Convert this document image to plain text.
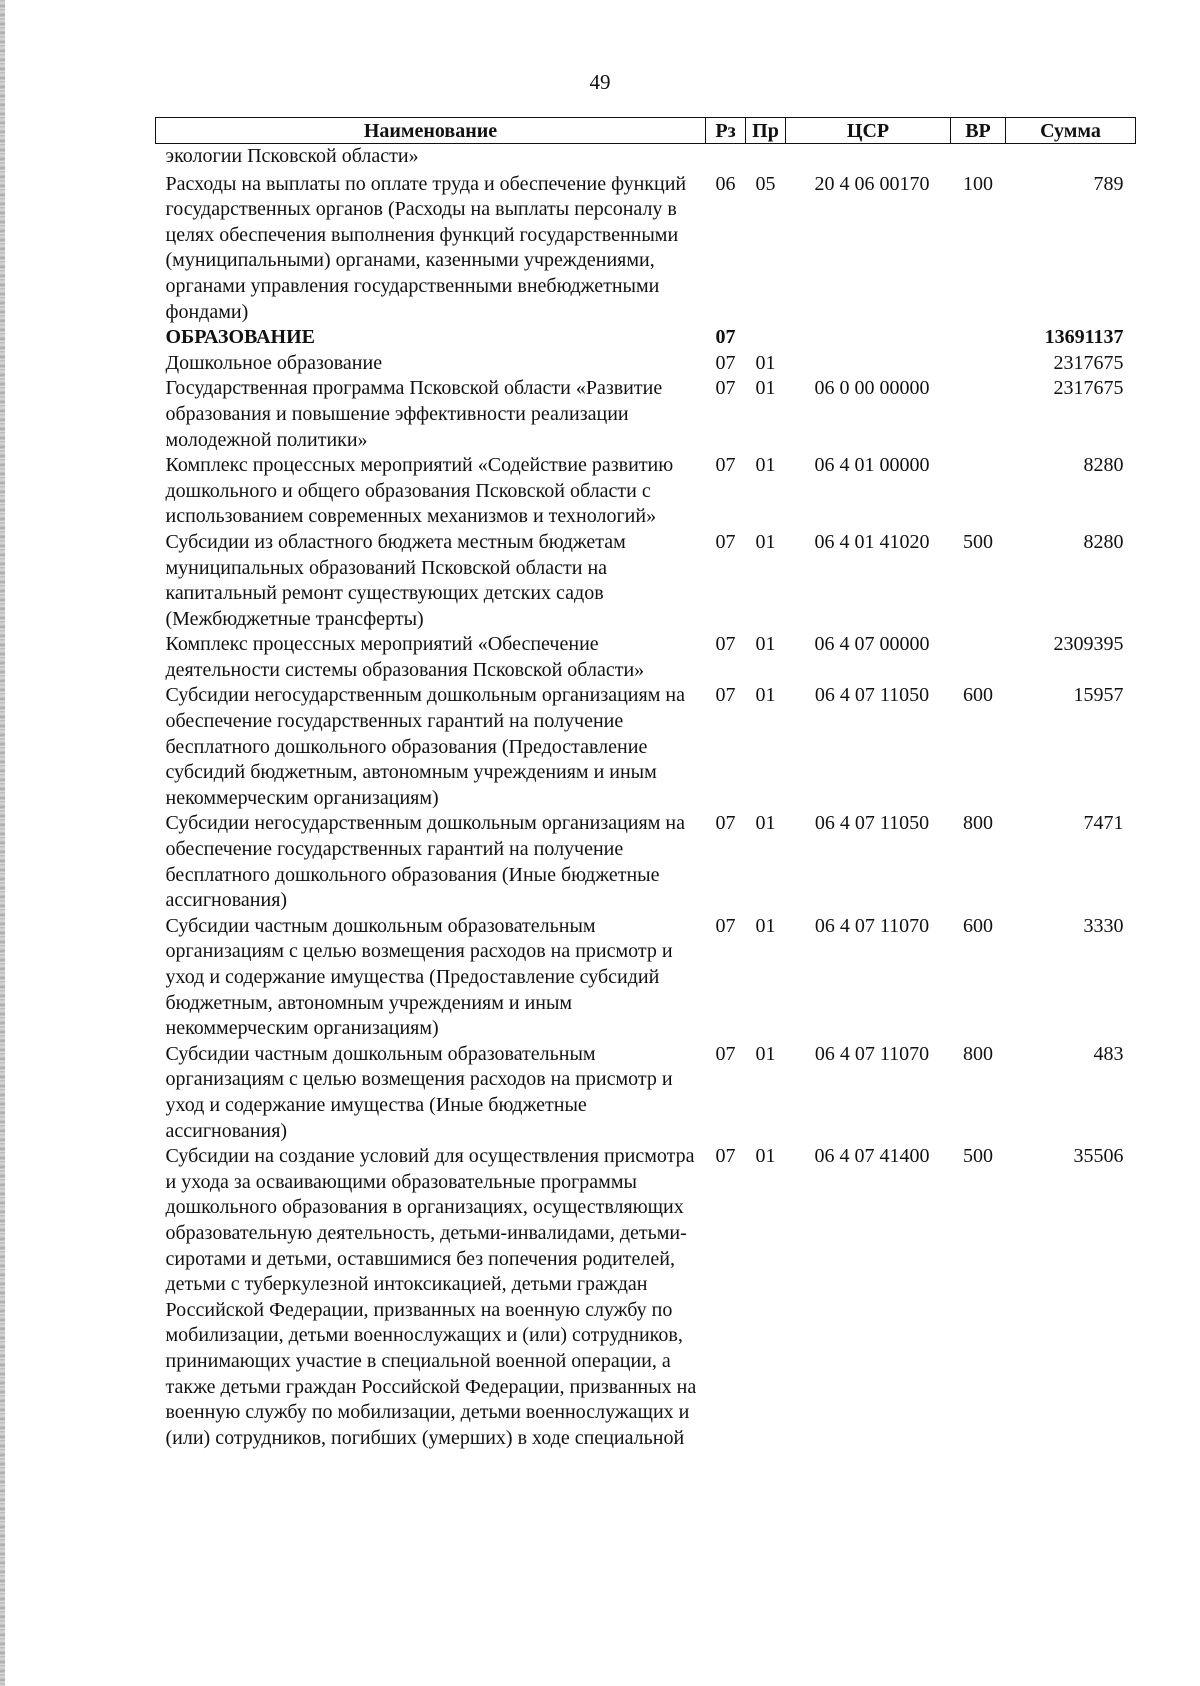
49
Наименование	Рз	Пр	ЦСР	ВР	Сумма
экологии Псковской области»					
Расходы на выплаты по оплате труда и обеспечение функций государственных органов (Расходы на выплаты персоналу в целях обеспечения выполнения функций государственными (муниципальными) органами, казенными учреждениями, органами управления государственными внебюджетными фондами)	06	05	20 4 06 00170	100	789
ОБРАЗОВАНИЕ	07				13691137
Дошкольное образование	07	01			2317675
Государственная программа Псковской области «Развитие образования и повышение эффективности реализации молодежной политики»	07	01	06 0 00 00000		2317675
Комплекс процессных мероприятий «Содействие развитию дошкольного и общего образования Псковской области с использованием современных механизмов и технологий»	07	01	06 4 01 00000		8280
Субсидии из областного бюджета местным бюджетам муниципальных образований Псковской области на капитальный ремонт существующих детских садов (Межбюджетные трансферты)	07	01	06 4 01 41020	500	8280
Комплекс процессных мероприятий «Обеспечение деятельности системы образования Псковской области»	07	01	06 4 07 00000		2309395
Субсидии негосударственным дошкольным организациям на обеспечение государственных гарантий на получение бесплатного дошкольного образования (Предоставление субсидий бюджетным, автономным учреждениям и иным некоммерческим организациям)	07	01	06 4 07 11050	600	15957
Субсидии негосударственным дошкольным организациям на обеспечение государственных гарантий на получение бесплатного дошкольного образования (Иные бюджетные ассигнования)	07	01	06 4 07 11050	800	7471
Субсидии частным дошкольным образовательным организациям с целью возмещения расходов на присмотр и уход и содержание имущества (Предоставление субсидий бюджетным, автономным учреждениям и иным некоммерческим организациям)	07	01	06 4 07 11070	600	3330
Субсидии частным дошкольным образовательным организациям с целью возмещения расходов на присмотр и уход и содержание имущества (Иные бюджетные ассигнования)	07	01	06 4 07 11070	800	483
Субсидии на создание условий для осуществления присмотра и ухода за осваивающими образовательные программы дошкольного образования в организациях, осуществляющих образовательную деятельность, детьми-инвалидами, детьми-сиротами и детьми, оставшимися без попечения родителей, детьми с туберкулезной интоксикацией, детьми граждан Российской Федерации, призванных на военную службу по мобилизации, детьми военнослужащих и (или) сотрудников, принимающих участие в специальной военной операции, а также детьми граждан Российской Федерации, призванных на военную службу по мобилизации, детьми военнослужащих и (или) сотрудников, погибших (умерших) в ходе специальной	07	01	06 4 07 41400	500	35506
